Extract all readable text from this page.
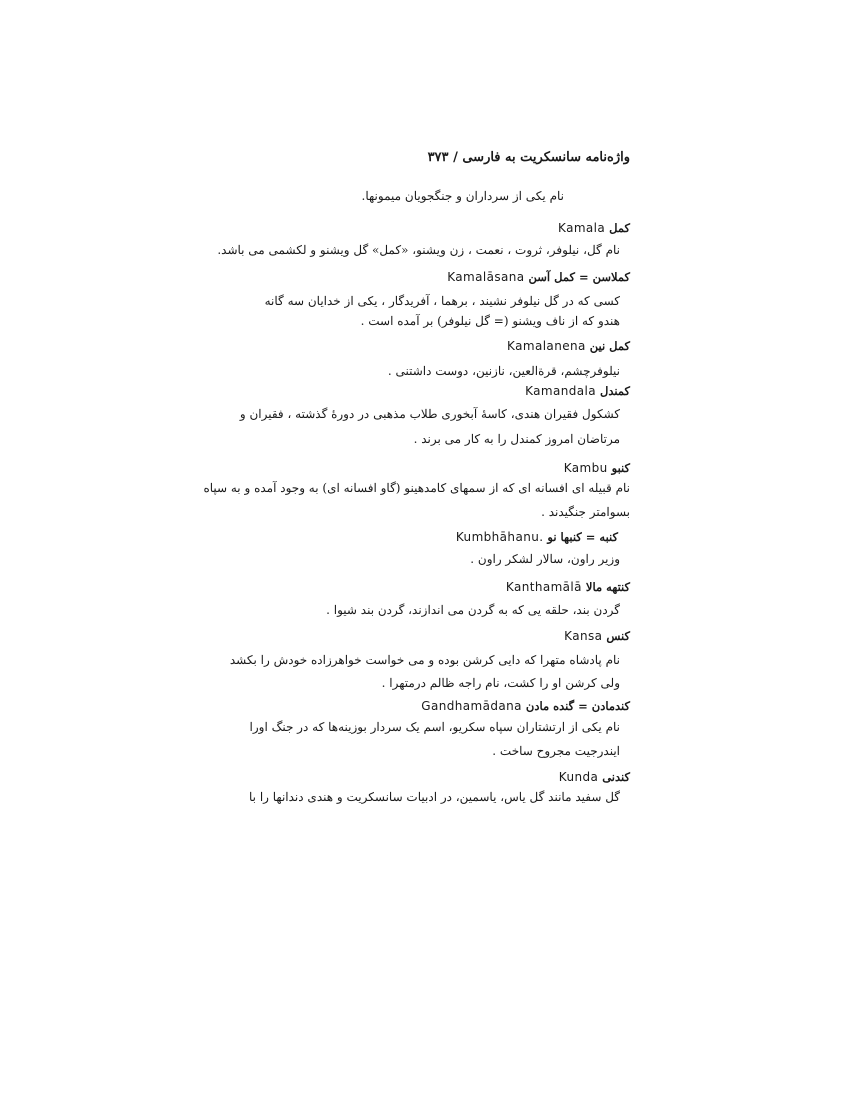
واژه‌نامه سانسکریت به فارسی / ۳۷۳
نام یکی از سرداران و جنگجویان میمونها.
کمل Kamala
نام گل، نیلوفر، ثروت ، نعمت ، زن ویشنو، «کمل» گل ویشنو و لکشمی می باشد.
کملاسن = کمل آسن Kamalāsana
کسی که در گل نیلوفر نشیند ، برهما ، آفریدگار ، یکی از خدایان سه گانه
هندو که از ناف ویشنو (= گل نیلوفر) بر آمده است .
کمل نین Kamalanena
نیلوفرچشم، قرةالعین، نازنین، دوست داشتنی .
کمندل Kamandala
کشکول فقیران هندی، کاسهٔ آبخوری طلاب مذهبی در دورهٔ گذشته ، فقیران و
مرتاضان امروز کمندل را به کار می برند .
کنبو Kambu
نام قبیله ای افسانه ای که از سمهای کامدهینو (گاو افسانه ای) به وجود آمده و به سپاه
بسوامتر جنگیدند .
کنبه = کنبها نو Kumbhāhanu.
وزیر راون، سالار لشکر راون .
کنتهه مالا Kanthamālā
گردن بند، حلقه یی که به گردن می اندازند، گردن بند شیوا .
کنس Kansa
نام پادشاه متهرا که دایی کرشن بوده و می خواست خواهرزاده خودش را بکشد
ولی کرشن او را کشت، نام راجه ظالم درمتهرا .
کندمادن = گنده مادن Gandhamādana
نام یکی از ارتشتاران سپاه سکریو، اسم یک سردار بوزینه‌ها که در جنگ اورا
ایندرجیت مجروح ساخت .
کندنی Kunda
گل سفید مانند گل یاس، یاسمین، در ادبیات سانسکریت و هندی دندانها را با
